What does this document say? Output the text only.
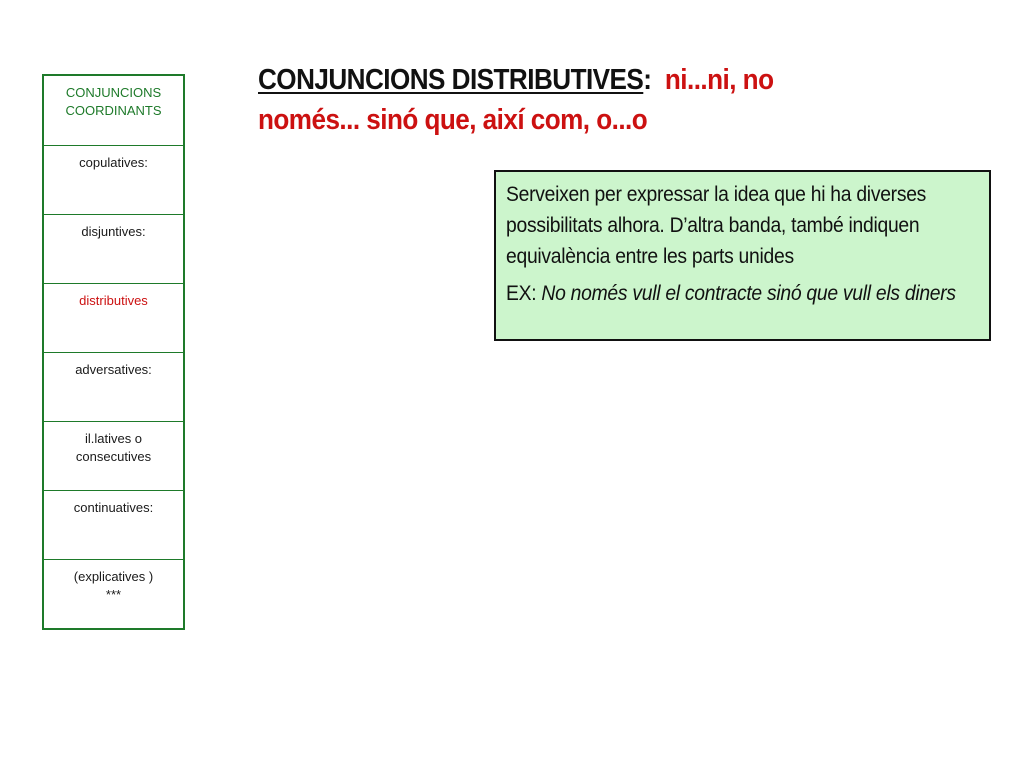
CONJUNCIONS
COORDINANTS
copulatives:
disjuntives:
distributives
adversatives:
il.latives o
consecutives
continuatives:
(explicatives )
***
CONJUNCIONS DISTRIBUTIVES: ni...ni, no només... sinó que, així com, o...o

Serveixen per expressar la idea que hi ha diverses possibilitats alhora. D’altra banda, també indiquen equivalència entre les parts unides

EX: No només vull el contracte sinó que vull els diners
